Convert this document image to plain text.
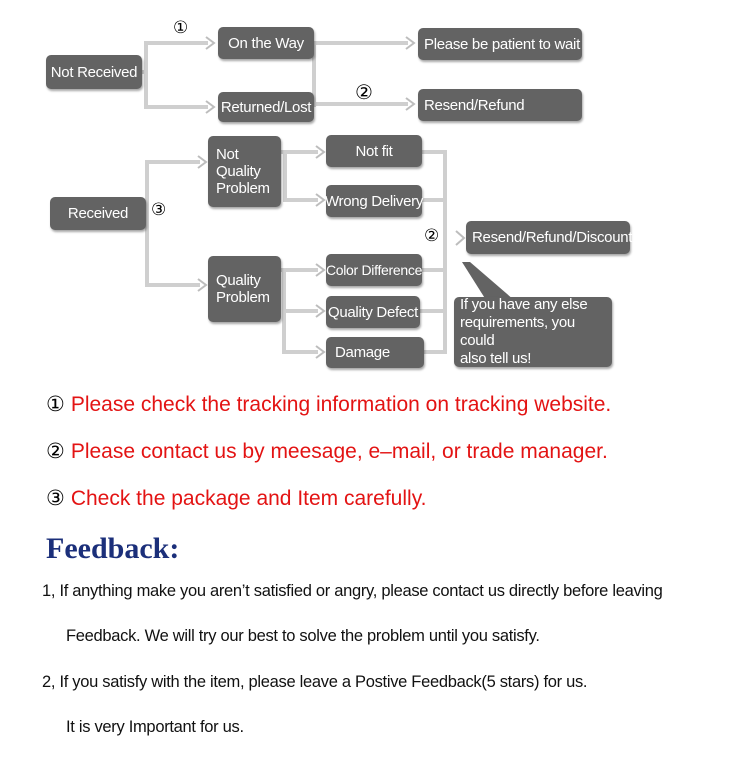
Not Received
On the Way
Returned/Lost
Please be patient to wait
Resend/Refund
Received
Not
Quality
Problem
Quality
Problem
Not fit
Wrong Delivery
Color Difference
Quality Defect
Damage
Resend/Refund/Discount
If you have any else
requirements, you could
also tell us!
①
②
③
②
① Please check the tracking information on tracking website.
② Please contact us by meesage, e–mail, or trade manager.
③ Check the package and Item carefully.
Feedback:
1, If anything make you aren’t satisfied or angry, please contact us directly before leaving
Feedback. We will try our best to solve the problem until you satisfy.
2, If you satisfy with the item, please leave a Postive Feedback(5 stars) for us.
It is very Important for us.
